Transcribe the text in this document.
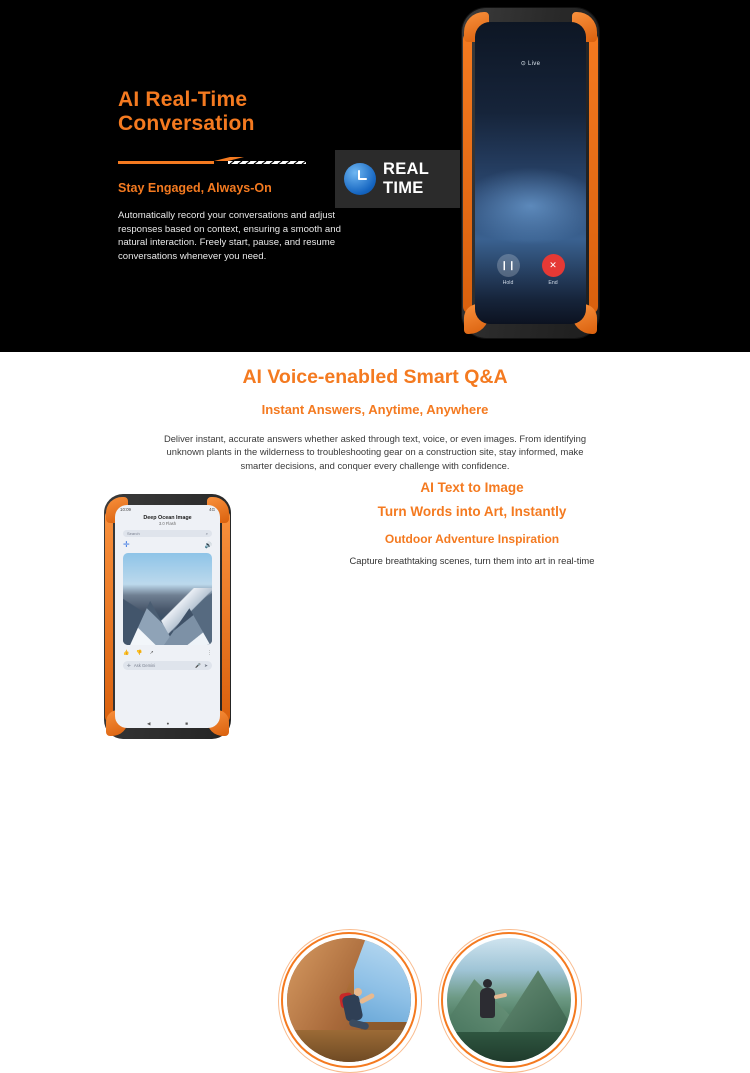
AI Real-Time
Conversation
Stay Engaged, Always-On

Automatically record your conversations and adjust responses based on context, ensuring a smooth and natural interaction. Freely start, pause, and resume conversations whenever you need.

REAL TIME
⊙ Live
❙❙
Hold
✕
End
AI Voice-enabled Smart Q&A
Instant Answers, Anytime, Anywhere

Deliver instant, accurate answers whether asked through text, voice, or even images. From identifying unknown plants in the wilderness to troubleshooting gear on a construction site, stay informed, make smarter decisions, and conquer every challenge with confidence.

AI Text to Image
Turn Words into Art, Instantly
Outdoor Adventure Inspiration
Capture breathtaking scenes, turn them into art in real-time
10:09	4G
Deep Ocean Image
3.0 Flash
Search	⌕
✛	🔊
👍 👎 ↗	⋮
✛ Ask Gemini	🎤 ➤
◀	●	■
